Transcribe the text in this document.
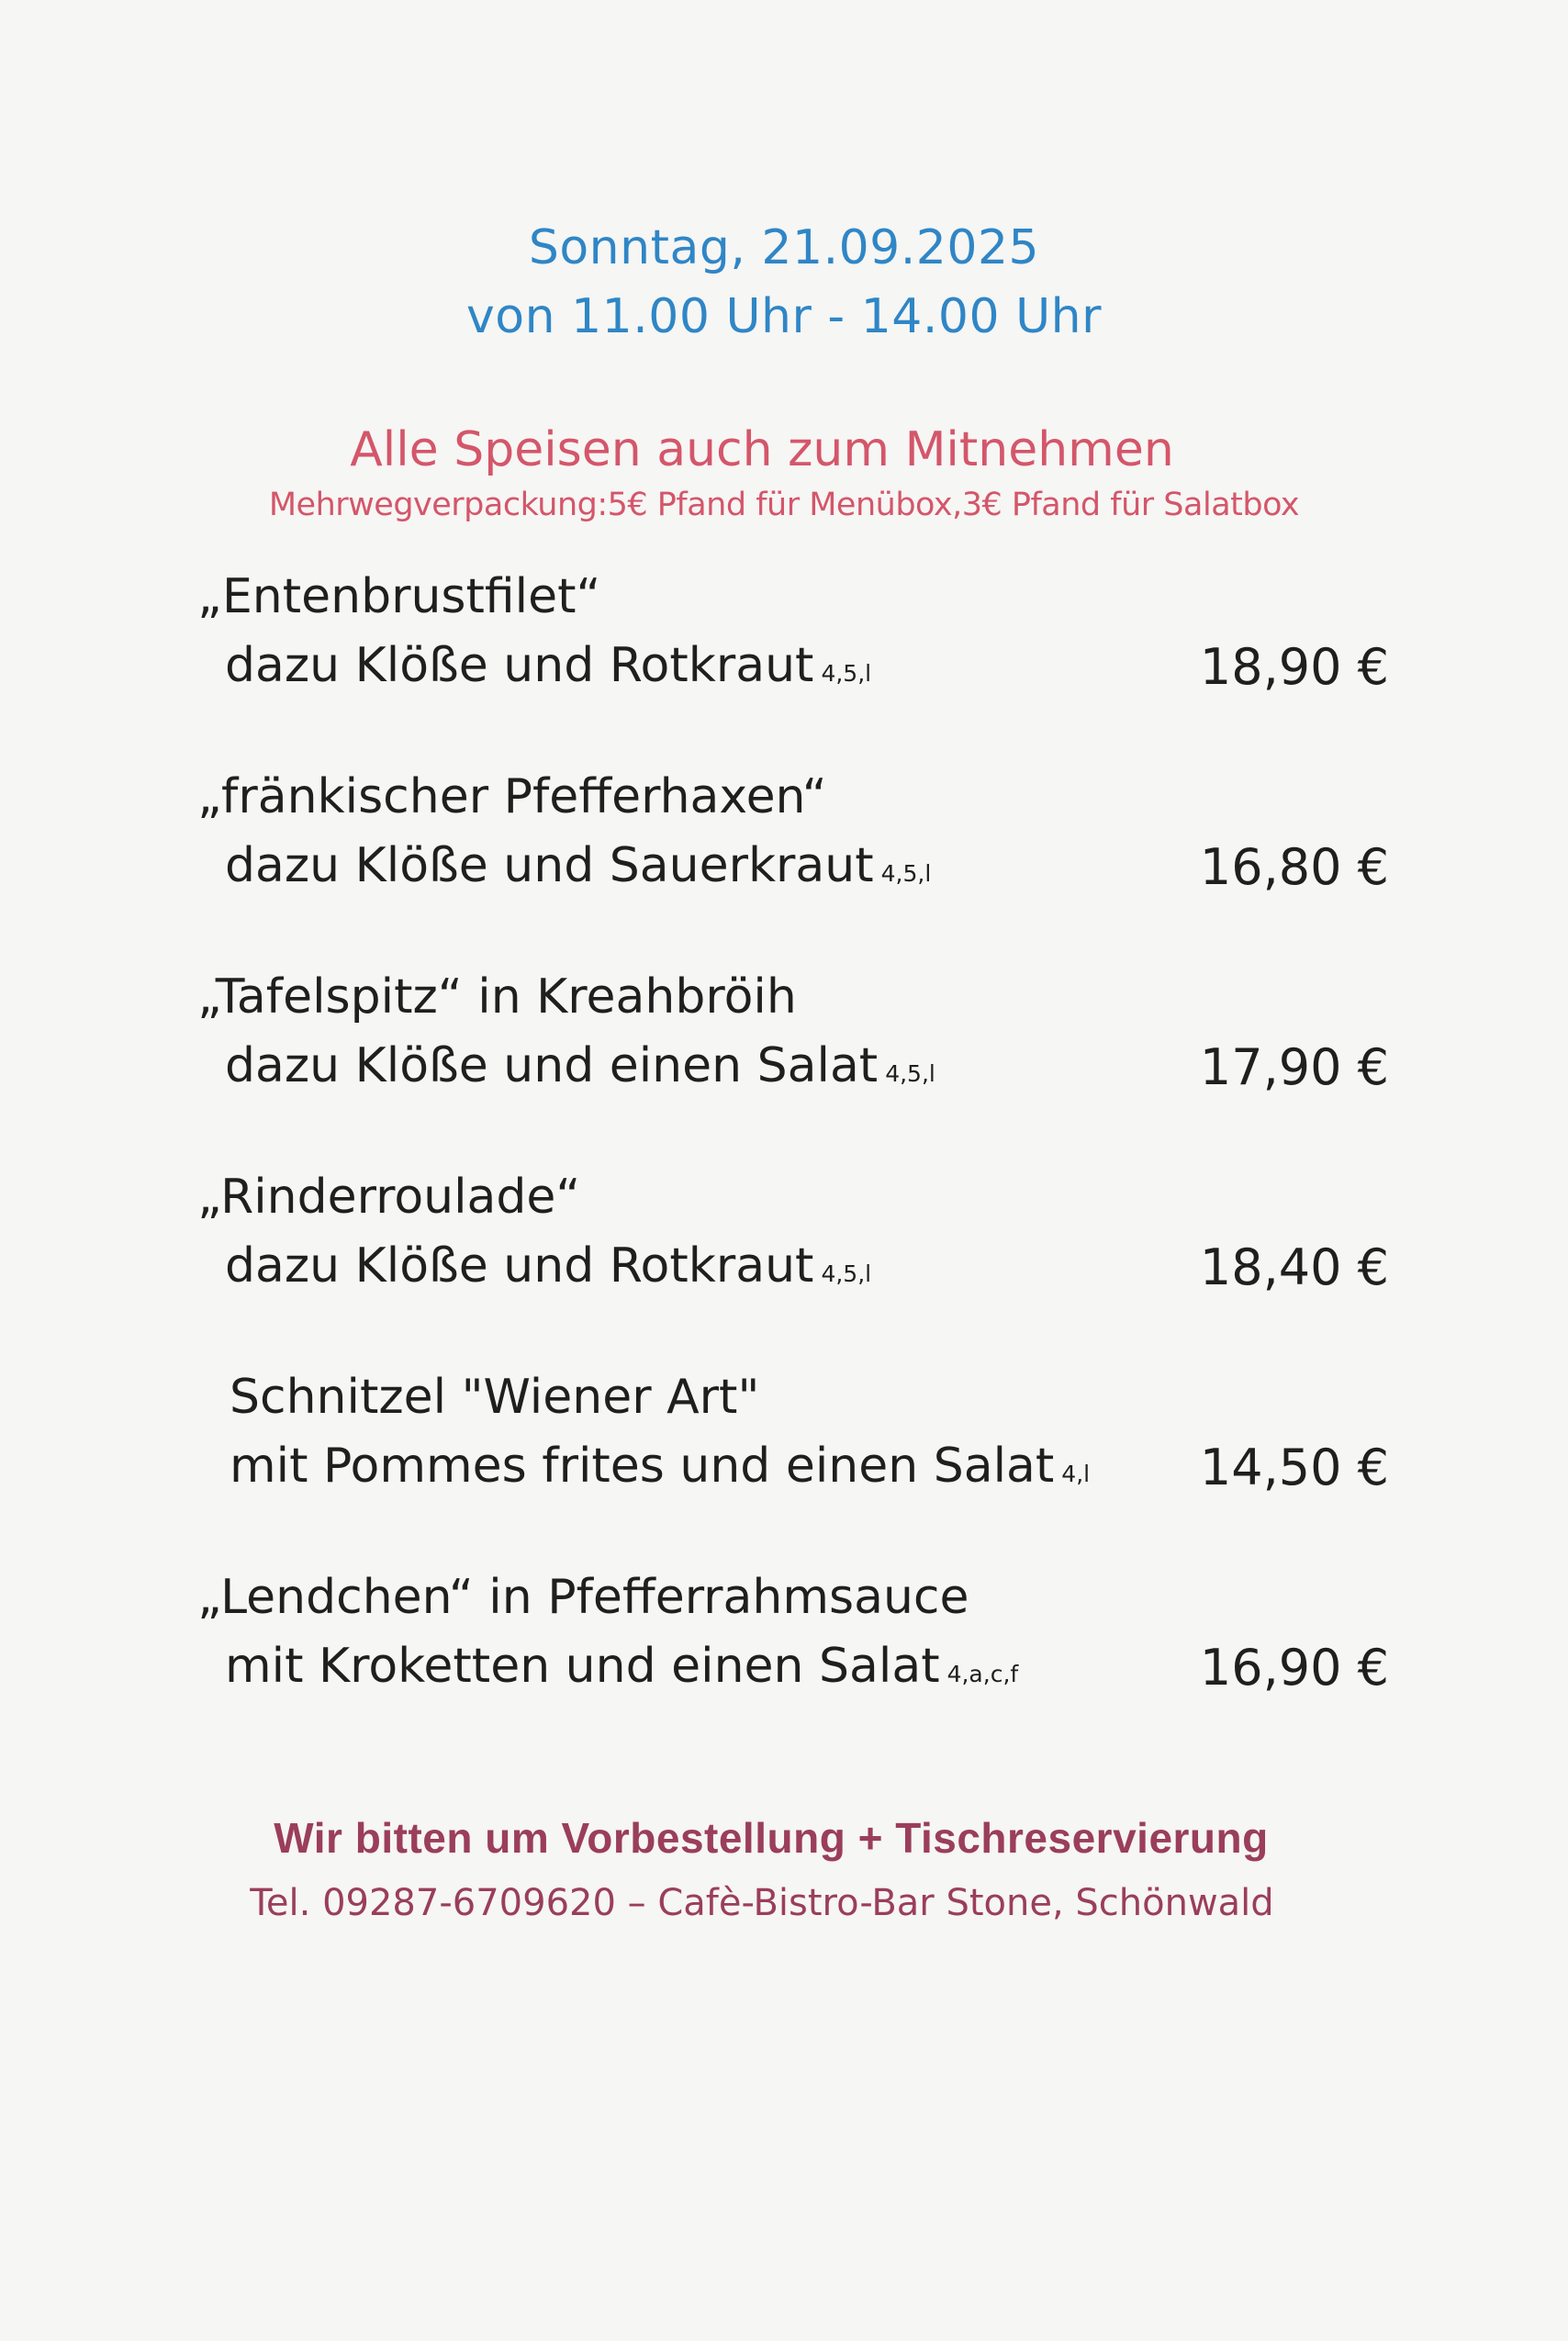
Sonntag, 21.09.2025
von 11.00 Uhr - 14.00 Uhr
Alle Speisen auch zum Mitnehmen
Mehrwegverpackung:5€ Pfand für Menübox,3€ Pfand für Salatbox
„Entenbrustfilet“
dazu Klöße und Rotkraut 4,5,l	18,90 €
„fränkischer Pfefferhaxen“
dazu Klöße und Sauerkraut 4,5,l	16,80 €
„Tafelspitz“ in Kreahbröih
dazu Klöße und einen Salat 4,5,l	17,90 €
„Rinderroulade“
dazu Klöße und Rotkraut 4,5,l	18,40 €
Schnitzel "Wiener Art"
mit Pommes frites und einen Salat 4,l 14,50 €
„Lendchen“ in Pfefferrahmsauce
mit Kroketten und einen Salat 4,a,c,f	16,90 €
Wir bitten um Vorbestellung + Tischreservierung
Tel. 09287-6709620 – Cafè-Bistro-Bar Stone, Schönwald
